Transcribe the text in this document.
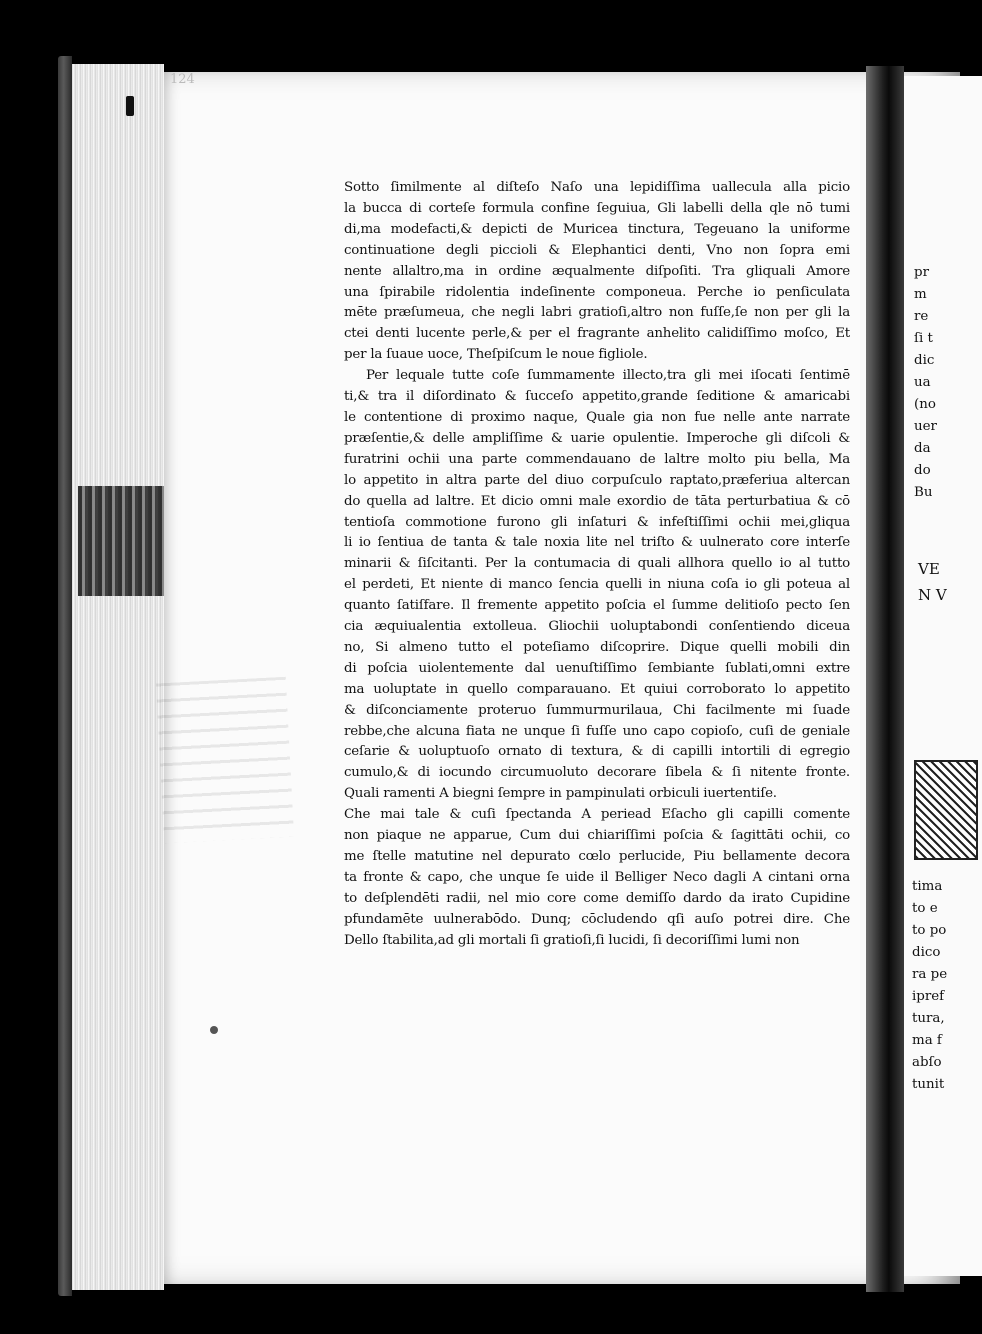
pr
m
re
ſi t
dic
ua
(no
uer
da
do
Bu
VE
N V
tima
to e
to po
dico
ra pe
ipref
tura,
ma f
abſo
tunit
124

Sotto ſimilmente al diſteſo Naſo una lepidiſſima uallecula alla picio

la bucca di corteſe formula confine ſeguiua, Gli labelli della qle nō tumi

di,ma modefacti,& depicti de Muricea tinctura, Tegeuano la uniforme

continuatione degli piccioli & Elephantici denti, Vno non ſopra emi

nente allaltro,ma in ordine æqualmente diſpoſiti. Tra gliquali Amore

una ſpirabile ridolentia indeſinente componeua. Perche io penſiculata

mēte præſumeua, che negli labri gratioſi,altro non fuſſe,ſe non per gli la

ctei denti lucente perle,& per el fragrante anhelito calidiſſimo moſco, Et

per la ſuaue uoce, Theſpiſcum le noue figliole.

Per lequale tutte coſe ſummamente illecto,tra gli mei iſocati ſentimē

ti,& tra il diſordinato & ſucceſo appetito,grande ſeditione & amaricabi

le contentione di proximo naque, Quale gia non fue nelle ante narrate

præſentie,& delle ampliſſime & uarie opulentie. Imperoche gli diſcoli &

furatrini ochii una parte commendauano de laltre molto piu bella, Ma

lo appetito in altra parte del diuo corpuſculo raptato,præferiua altercan

do quella ad laltre. Et dicio omni male exordio de tāta perturbatiua & cō

tentioſa commotione furono gli inſaturi & infeſtiſſimi ochii mei,gliqua

li io ſentiua de tanta & tale noxia lite nel triſto & uulnerato core interſe

minarii & ſiſcitanti. Per la contumacia di quali allhora quello io al tutto

el perdeti, Et niente di manco ſencia quelli in niuna coſa io gli poteua al

quanto ſatiſfare. Il fremente appetito poſcia el ſumme delitioſo pecto ſen

cia æquiualentia extolleua. Gliochii uoluptabondi conſentiendo diceua

no, Si almeno tutto el poteſiamo diſcoprire. Dique quelli mobili din

di poſcia uiolentemente dal uenuſtiſſimo ſembiante ſublati,omni extre

ma uoluptate in quello comparauano. Et quiui corroborato lo appetito

& diſconciamente proteruo ſummurmurilaua, Chi facilmente mi ſuade

rebbe,che alcuna fiata ne unque ſi fuſſe uno capo copioſo, cuſi de geniale

ceſarie & uoluptuoſo ornato di textura, & di capilli intortili di egregio

cumulo,& di iocundo circumuoluto decorare ſibela & ſi nitente fronte.

Quali ramenti A biegni ſempre in pampinulati orbiculi iuertentiſe.

Che mai tale & cuſi ſpectanda A periead Eſacho gli capilli comente

non piaque ne apparue, Cum dui chiariſſimi poſcia & ſagittāti ochii, co

me ſtelle matutine nel depurato cœlo perlucide, Piu bellamente decora

ta fronte & capo, che unque ſe uide il Belliger Neco dagli A cintani orna

to deſplendēti radii, nel mio core come demiſſo dardo da irato Cupidine

pfundamēte uulnerabōdo. Dunq; cōcludendo qſi auſo potrei dire. Che

Dello ſtabilita,ad gli mortali ſi gratioſi,ſi lucidi, ſi decoriſſimi lumi non
